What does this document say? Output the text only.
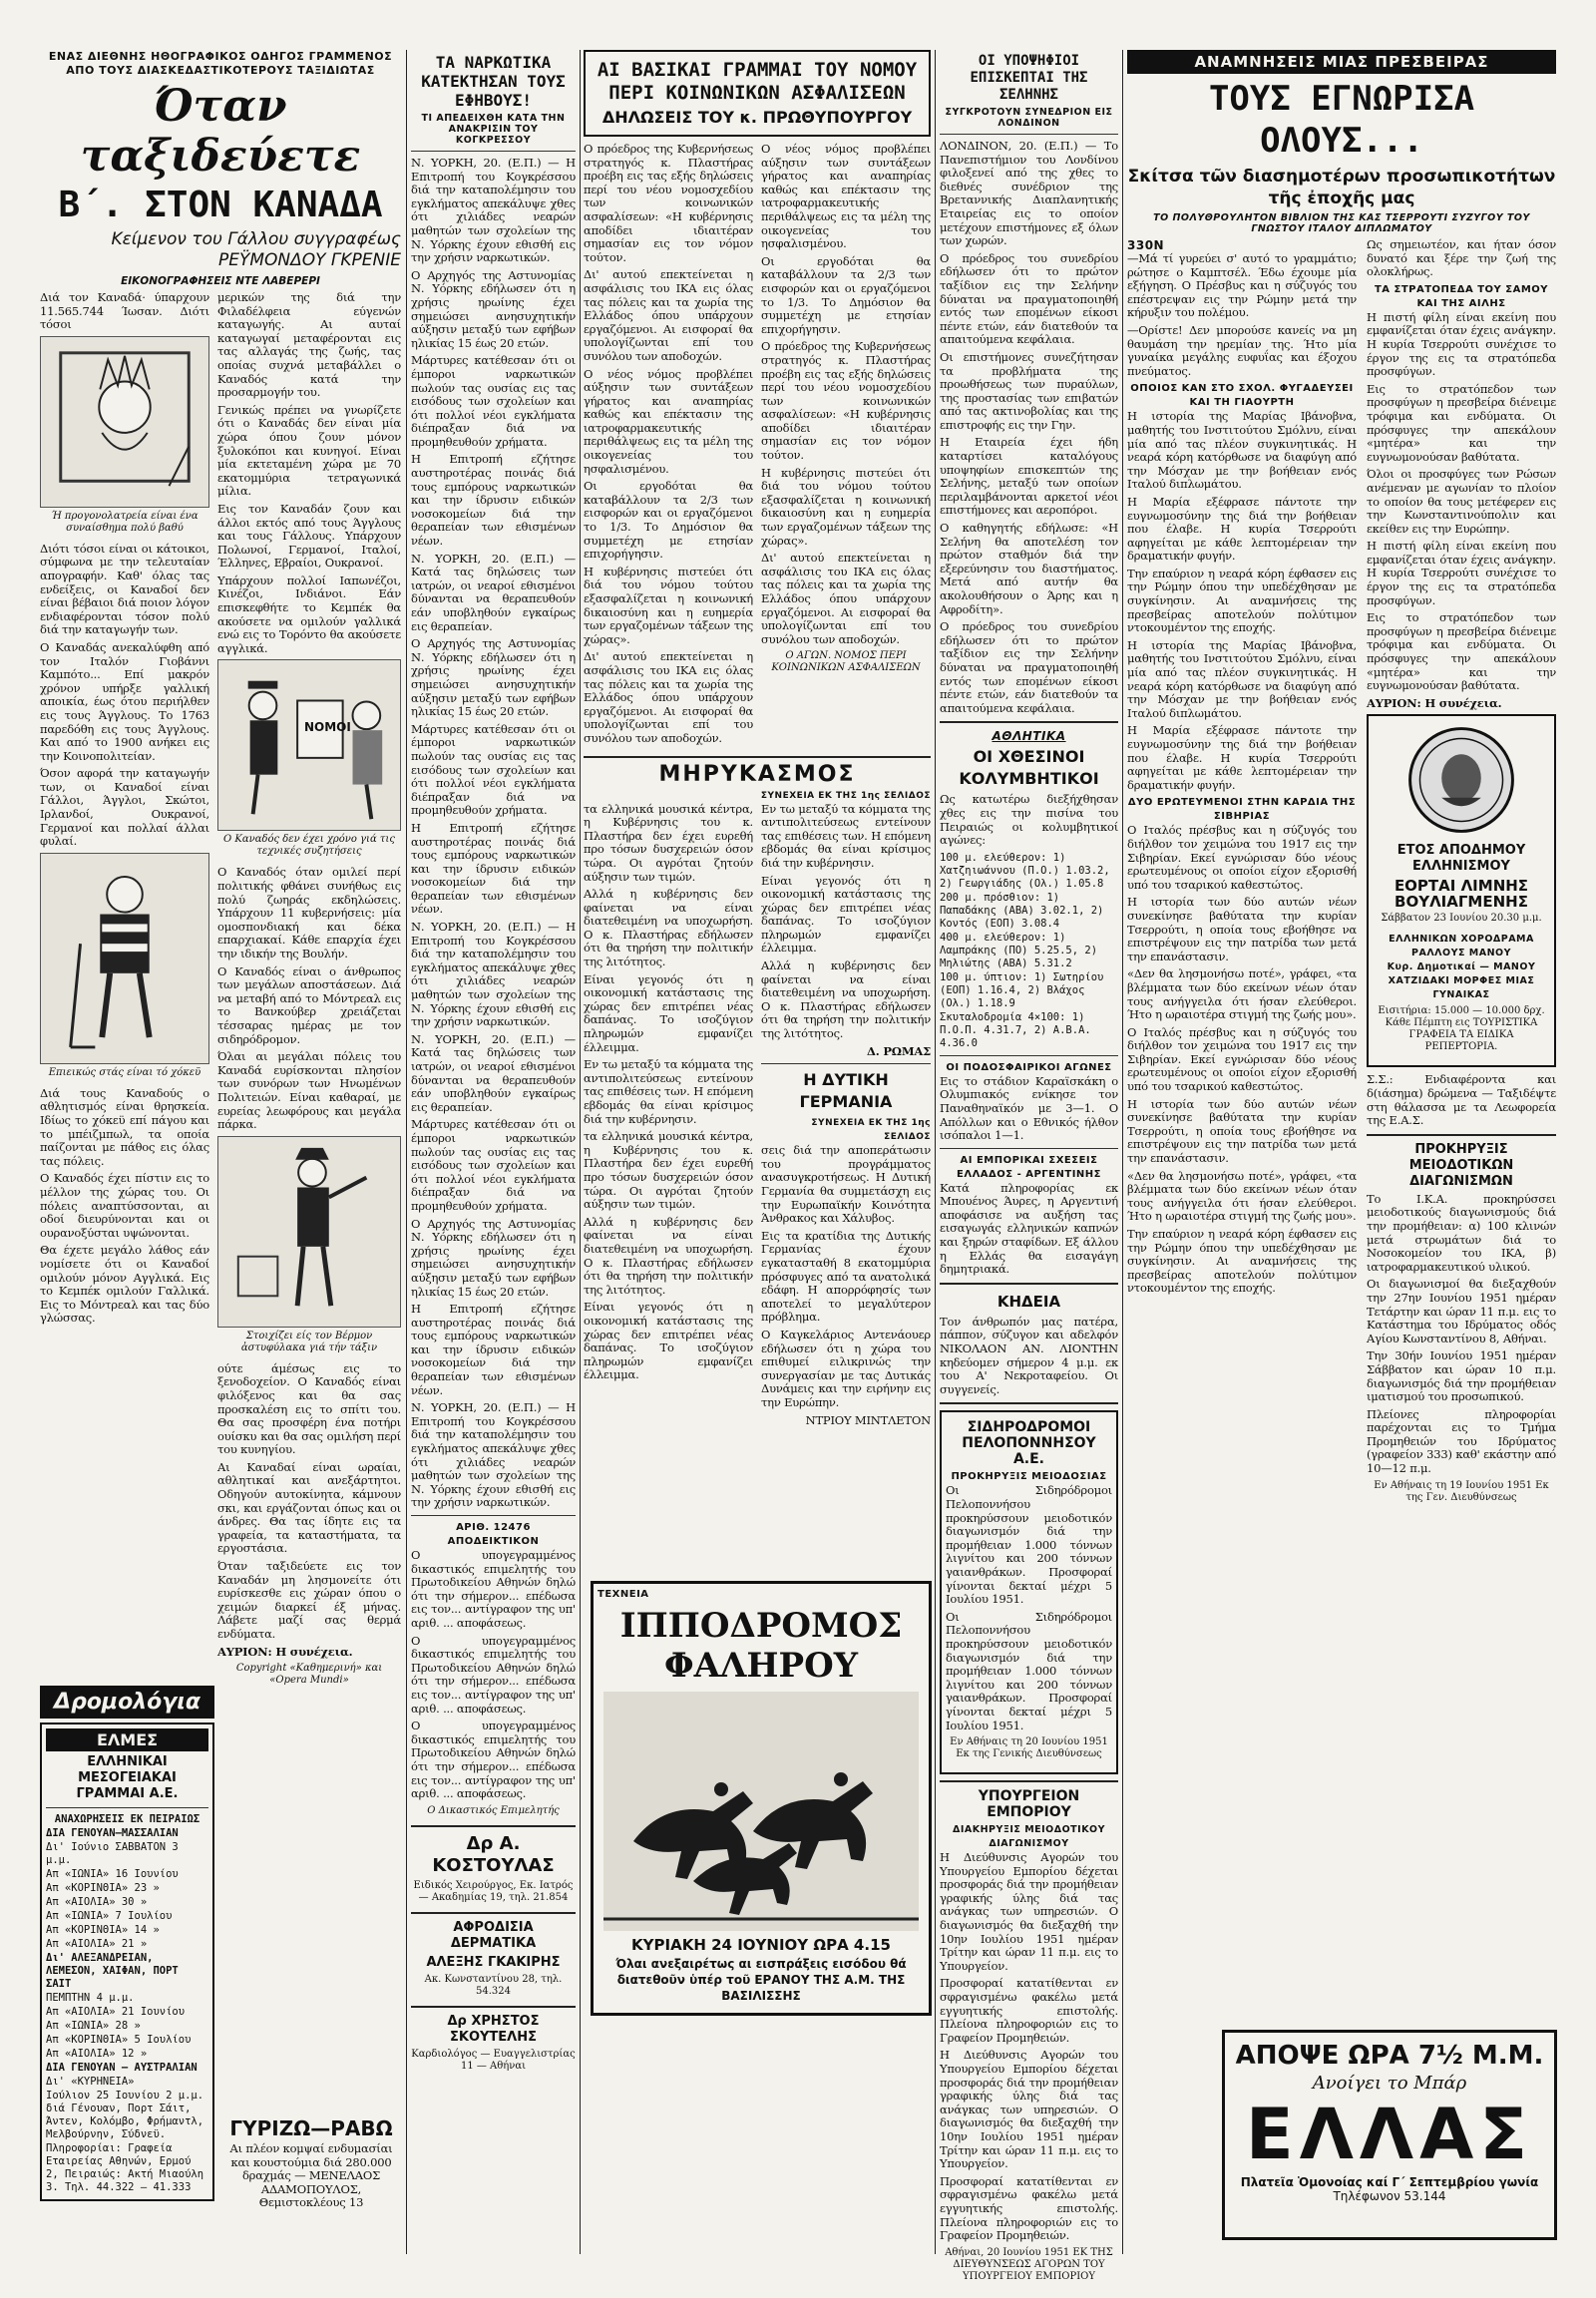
ΕΝΑΣ ΔΙΕΘΝΗΣ ΗΘΟΓΡΑΦΙΚΟΣ ΟΔΗΓΟΣ ΓΡΑΜΜΕΝΟΣ ΑΠΟ ΤΟΥΣ ΔΙΑΣΚΕΔΑΣΤΙΚΟΤΕΡΟΥΣ ΤΑΞΙΔΙΩΤΑΣ

Όταν ταξιδεύετε
Β΄. ΣΤΟΝ ΚΑΝΑΔΑ

Κείμενον του Γάλλου συγγραφέως ΡΕΫΜΟΝΔΟΥ ΓΚΡΕΝΙΕ

ΕΙΚΟΝΟΓΡΑΦΗΣΕΙΣ ΝΤΕ ΛΑΒΕΡΕΡΙ

Διά τον Καναδά· ύπαρχουν 11.565.744 Ίωσαν. Διότι τόσοι

Ή προγονολατρεία είναι ένα συναίσθημα πολύ βαθύ

Διότι τόσοι είναι οι κάτοικοι, σύμφωνα με την τελευταίαν απογραφήν. Καθ' όλας τας ενδείξεις, οι Καναδοί δεν είναι βέβαιοι διά ποιον λόγον ενδιαφέρονται τόσον πολύ διά την καταγωγήν των.

Ο Καναδάς ανεκαλύφθη από τον Ιταλόν Γιοβάννι Καμπότο... Επί μακρόν χρόνον υπήρξε γαλλική αποικία, έως ότου περιήλθεν εις τους Άγγλους. Το 1763 παρεδόθη εις τους Άγγλους. Και από το 1900 ανήκει εις την Κοινοπολιτείαν.

Όσον αφορά την καταγωγήν των, οι Καναδοί είναι Γάλλοι, Άγγλοι, Σκώτοι, Ιρλανδοί, Ουκρανοί, Γερμανοί και πολλαί άλλαι φυλαί.

Επιεικώς στάς είναι τό χόκεϋ

Διά τους Καναδούς ο αθλητισμός είναι θρησκεία. Ιδίως το χόκεϋ επί πάγου και το μπέιζμπωλ, τα οποία παίζονται με πάθος εις όλας τας πόλεις.

Ο Καναδός έχει πίστιν εις το μέλλον της χώρας του. Οι πόλεις αναπτύσσονται, αι οδοί διευρύνονται και οι ουρανοξύσται υψώνονται.

Θα έχετε μεγάλο λάθος εάν νομίσετε ότι οι Καναδοί ομιλούν μόνον Αγγλικά. Εις το Κεμπέκ ομιλούν Γαλλικά. Εις το Μόντρεαλ και τας δύο γλώσσας.

μερικών της διά την Φιλαδέλφεια εύγενών καταγωγής. Αι αυταί καταγωγαί μεταφέρονται εις τας αλλαγάς της ζωής, τας οποίας συχνά μεταβάλλει ο Καναδός κατά την προσαρμογήν του.

Γενικώς πρέπει να γνωρίζετε ότι ο Καναδάς δεν είναι μία χώρα όπου ζουν μόνον ξυλοκόποι και κυνηγοί. Είναι μία εκτεταμένη χώρα με 70 εκατομμύρια τετραγωνικά μίλια.

Εις τον Καναδάν ζουν και άλλοι εκτός από τους Άγγλους και τους Γάλλους. Υπάρχουν Πολωνοί, Γερμανοί, Ιταλοί, Έλληνες, Εβραίοι, Ουκρανοί.

Υπάρχουν πολλοί Ιαπωνέζοι, Κινέζοι, Ινδιάνοι. Εάν επισκεφθήτε το Κεμπέκ θα ακούσετε να ομιλούν γαλλικά ενώ εις το Τορόντο θα ακούσετε αγγλικά.

ΝΟΜΟΙ

Ο Καναδός δεν έχει χρόνο γιά τις τεχνικές συζητήσεις

Ο Καναδός όταν ομιλεί περί πολιτικής φθάνει συνήθως εις πολύ ζωηράς εκδηλώσεις. Υπάρχουν 11 κυβερνήσεις: μία ομοσπονδιακή και δέκα επαρχιακαί. Κάθε επαρχία έχει την ιδικήν της Βουλήν.

Ο Καναδός είναι ο άνθρωπος των μεγάλων αποστάσεων. Διά να μεταβή από το Μόντρεαλ εις το Βανκούβερ χρειάζεται τέσσαρας ημέρας με τον σιδηρόδρομον.

Όλαι αι μεγάλαι πόλεις του Καναδά ευρίσκονται πλησίον των συνόρων των Ηνωμένων Πολιτειών. Είναι καθαραί, με ευρείας λεωφόρους και μεγάλα πάρκα.

Στοιχίζει είς τον Βέρμον ἀστυφύλακα γιά τήν τάξιν

ούτε άμέσως εις το ξενοδοχείον. Ο Καναδός είναι φιλόξενος και θα σας προσκαλέση εις το σπίτι του. Θα σας προσφέρη ένα ποτήρι ουίσκυ και θα σας ομιλήση περί του κυνηγίου.

Αι Καναδαί είναι ωραίαι, αθλητικαί και ανεξάρτητοι. Οδηγούν αυτοκίνητα, κάμνουν σκι, και εργάζονται όπως και οι άνδρες. Θα τας ίδητε εις τα γραφεία, τα καταστήματα, τα εργοστάσια.

Όταν ταξιδεύετε εις τον Καναδάν μη λησμονείτε ότι ευρίσκεσθε εις χώραν όπου ο χειμών διαρκεί έξ μήνας. Λάβετε μαζί σας θερμά ενδύματα.

ΑΥΡΙΟΝ: Η συνέχεια.

Copyright «Καθημερινή» και «Opera Mundi»

Δρομολόγια
ΕΛΜΕΣ

ΕΛΛΗΝΙΚΑΙ ΜΕΣΟΓΕΙΑΚΑΙ ΓΡΑΜΜΑΙ Α.Ε.

ΑΝΑΧΩΡΗΣΕΙΣ ΕΚ ΠΕΙΡΑΙΩΣ

ΔΙΑ ΓΕΝΟΥΑΝ—ΜΑΣΣΑΛΙΑΝ

Δι' Ιούνιο ΣΑΒΒΑΤΟΝ 3 μ.μ.

Απ «ΙΩΝΙΑ» 16 Ιουνίου

Απ «ΚΟΡΙΝΘΙΑ» 23 »

Απ «ΑΙΟΛΙΑ» 30 »

Απ «ΙΩΝΙΑ» 7 Ιουλίου

Απ «ΚΟΡΙΝΘΙΑ» 14 »

Απ «ΑΙΟΛΙΑ» 21 »

Δι' ΑΛΕΞΑΝΔΡΕΙΑΝ, ΛΕΜΕΣΟΝ, ΧΑΙΦΑΝ, ΠΟΡΤ ΣΑΙΤ

ΠΕΜΠΤΗΝ 4 μ.μ.

Απ «ΑΙΟΛΙΑ» 21 Ιουνίου

Απ «ΙΩΝΙΑ» 28 »

Απ «ΚΟΡΙΝΘΙΑ» 5 Ιουλίου

Απ «ΑΙΟΛΙΑ» 12 »

ΔΙΑ ΓΕΝΟΥΑΝ — ΑΥΣΤΡΑΛΙΑΝ

Δι' «ΚΥΡΗΝΕΙΑ»

Ιούλιον 25 Ιουνίου 2 μ.μ. διά Γένουαν, Πορτ Σάιτ, Άντεν, Κολόμβο, Φρήμαντλ, Μελβούρνην, Σύδνεϋ.

Πληροφορίαι: Γραφεία Εταιρείας Αθηνών, Ερμού 2, Πειραιώς: Ακτή Μιαούλη 3. Τηλ. 44.322 — 41.333

ΓΥΡΙΖΩ—ΡΑΒΩ

Αι πλέον κομψαί ενδυμασίαι και κουστούμια διά 280.000 δραχμάς — ΜΕΝΕΛΑΟΣ ΑΔΑΜΟΠΟΥΛΟΣ, Θεμιστοκλέους 13

ΤΑ ΝΑΡΚΩΤΙΚΑ ΚΑΤΕΚΤΗΣΑΝ ΤΟΥΣ ΕΦΗΒΟΥΣ!

ΤΙ ΑΠΕΔΕΙΧΘΗ ΚΑΤΑ ΤΗΝ ΑΝΑΚΡΙΣΙΝ ΤΟΥ ΚΟΓΚΡΕΣΣΟΥ

Ν. ΥΟΡΚΗ, 20. (Ε.Π.) — Η Επιτροπή του Κογκρέσσου διά την καταπολέμησιν του εγκλήματος απεκάλυψε χθες ότι χιλιάδες νεαρών μαθητών των σχολείων της Ν. Υόρκης έχουν εθισθή εις την χρήσιν ναρκωτικών.

Ο Αρχηγός της Αστυνομίας Ν. Υόρκης εδήλωσεν ότι η χρήσις ηρωίνης έχει σημειώσει ανησυχητικήν αύξησιν μεταξύ των εφήβων ηλικίας 15 έως 20 ετών.

Μάρτυρες κατέθεσαν ότι οι έμποροι ναρκωτικών πωλούν τας ουσίας εις τας εισόδους των σχολείων και ότι πολλοί νέοι εγκλήματα διέπραξαν διά να προμηθευθούν χρήματα.

Η Επιτροπή εζήτησε αυστηροτέρας ποινάς διά τους εμπόρους ναρκωτικών και την ίδρυσιν ειδικών νοσοκομείων διά την θεραπείαν των εθισμένων νέων.

Ν. ΥΟΡΚΗ, 20. (Ε.Π.) — Κατά τας δηλώσεις των ιατρών, οι νεαροί εθισμένοι δύνανται να θεραπευθούν εάν υποβληθούν εγκαίρως εις θεραπείαν.

Ο Αρχηγός της Αστυνομίας Ν. Υόρκης εδήλωσεν ότι η χρήσις ηρωίνης έχει σημειώσει ανησυχητικήν αύξησιν μεταξύ των εφήβων ηλικίας 15 έως 20 ετών.

Μάρτυρες κατέθεσαν ότι οι έμποροι ναρκωτικών πωλούν τας ουσίας εις τας εισόδους των σχολείων και ότι πολλοί νέοι εγκλήματα διέπραξαν διά να προμηθευθούν χρήματα.

Η Επιτροπή εζήτησε αυστηροτέρας ποινάς διά τους εμπόρους ναρκωτικών και την ίδρυσιν ειδικών νοσοκομείων διά την θεραπείαν των εθισμένων νέων.

Ν. ΥΟΡΚΗ, 20. (Ε.Π.) — Η Επιτροπή του Κογκρέσσου διά την καταπολέμησιν του εγκλήματος απεκάλυψε χθες ότι χιλιάδες νεαρών μαθητών των σχολείων της Ν. Υόρκης έχουν εθισθή εις την χρήσιν ναρκωτικών.

Ν. ΥΟΡΚΗ, 20. (Ε.Π.) — Κατά τας δηλώσεις των ιατρών, οι νεαροί εθισμένοι δύνανται να θεραπευθούν εάν υποβληθούν εγκαίρως εις θεραπείαν.

Μάρτυρες κατέθεσαν ότι οι έμποροι ναρκωτικών πωλούν τας ουσίας εις τας εισόδους των σχολείων και ότι πολλοί νέοι εγκλήματα διέπραξαν διά να προμηθευθούν χρήματα.

Ο Αρχηγός της Αστυνομίας Ν. Υόρκης εδήλωσεν ότι η χρήσις ηρωίνης έχει σημειώσει ανησυχητικήν αύξησιν μεταξύ των εφήβων ηλικίας 15 έως 20 ετών.

Η Επιτροπή εζήτησε αυστηροτέρας ποινάς διά τους εμπόρους ναρκωτικών και την ίδρυσιν ειδικών νοσοκομείων διά την θεραπείαν των εθισμένων νέων.

Ν. ΥΟΡΚΗ, 20. (Ε.Π.) — Η Επιτροπή του Κογκρέσσου διά την καταπολέμησιν του εγκλήματος απεκάλυψε χθες ότι χιλιάδες νεαρών μαθητών των σχολείων της Ν. Υόρκης έχουν εθισθή εις την χρήσιν ναρκωτικών.

ΑΡΙΘ. 12476 ΑΠΟΔΕΙΚΤΙΚΟΝ

Ο υπογεγραμμένος δικαστικός επιμελητής του Πρωτοδικείου Αθηνών δηλώ ότι την σήμερον... επέδωσα εις τον... αντίγραφον της υπ' αριθ. ... αποφάσεως.

Ο υπογεγραμμένος δικαστικός επιμελητής του Πρωτοδικείου Αθηνών δηλώ ότι την σήμερον... επέδωσα εις τον... αντίγραφον της υπ' αριθ. ... αποφάσεως.

Ο υπογεγραμμένος δικαστικός επιμελητής του Πρωτοδικείου Αθηνών δηλώ ότι την σήμερον... επέδωσα εις τον... αντίγραφον της υπ' αριθ. ... αποφάσεως.

Ο Δικαστικός Επιμελητής

Δρ Α. ΚΟΣΤΟΥΛΑΣ

Ειδικός Χειρούργος, Εκ. Ιατρός — Ακαδημίας 19, τηλ. 21.854

ΑΦΡΟΔΙΣΙΑ ΔΕΡΜΑΤΙΚΑ

ΑΛΕΞΗΣ ΓΚΑΚΙΡΗΣ

Ακ. Κωνσταντίνου 28, τηλ. 54.324

Δρ ΧΡΗΣΤΟΣ ΣΚΟΥΤΕΛΗΣ

Καρδιολόγος — Ευαγγελιστρίας 11 — Αθήναι

ΑΙ ΒΑΣΙΚΑΙ ΓΡΑΜΜΑΙ ΤΟΥ ΝΟΜΟΥ ΠΕΡΙ ΚΟΙΝΩΝΙΚΩΝ ΑΣΦΑΛΙΣΕΩΝ
ΔΗΛΩΣΕΙΣ ΤΟΥ κ. ΠΡΩΘΥΠΟΥΡΓΟΥ

Ο πρόεδρος της Κυβερνήσεως στρατηγός κ. Πλαστήρας προέβη εις τας εξής δηλώσεις περί του νέου νομοσχεδίου των κοινωνικών ασφαλίσεων: «Η κυβέρνησις αποδίδει ιδιαιτέραν σημασίαν εις τον νόμον τούτον.

Δι' αυτού επεκτείνεται η ασφάλισις του ΙΚΑ εις όλας τας πόλεις και τα χωρία της Ελλάδος όπου υπάρχουν εργαζόμενοι. Αι εισφοραί θα υπολογίζωνται επί του συνόλου των αποδοχών.

Ο νέος νόμος προβλέπει αύξησιν των συντάξεων γήρατος και αναπηρίας καθώς και επέκτασιν της ιατροφαρμακευτικής περιθάλψεως εις τα μέλη της οικογενείας του ησφαλισμένου.

Οι εργοδόται θα καταβάλλουν τα 2/3 των εισφορών και οι εργαζόμενοι το 1/3. Το Δημόσιον θα συμμετέχη με ετησίαν επιχορήγησιν.

Η κυβέρνησις πιστεύει ότι διά του νόμου τούτου εξασφαλίζεται η κοινωνική δικαιοσύνη και η ευημερία των εργαζομένων τάξεων της χώρας».

Δι' αυτού επεκτείνεται η ασφάλισις του ΙΚΑ εις όλας τας πόλεις και τα χωρία της Ελλάδος όπου υπάρχουν εργαζόμενοι. Αι εισφοραί θα υπολογίζωνται επί του συνόλου των αποδοχών.

Ο νέος νόμος προβλέπει αύξησιν των συντάξεων γήρατος και αναπηρίας καθώς και επέκτασιν της ιατροφαρμακευτικής περιθάλψεως εις τα μέλη της οικογενείας του ησφαλισμένου.

Οι εργοδόται θα καταβάλλουν τα 2/3 των εισφορών και οι εργαζόμενοι το 1/3. Το Δημόσιον θα συμμετέχη με ετησίαν επιχορήγησιν.

Ο πρόεδρος της Κυβερνήσεως στρατηγός κ. Πλαστήρας προέβη εις τας εξής δηλώσεις περί του νέου νομοσχεδίου των κοινωνικών ασφαλίσεων: «Η κυβέρνησις αποδίδει ιδιαιτέραν σημασίαν εις τον νόμον τούτον.

Η κυβέρνησις πιστεύει ότι διά του νόμου τούτου εξασφαλίζεται η κοινωνική δικαιοσύνη και η ευημερία των εργαζομένων τάξεων της χώρας».

Δι' αυτού επεκτείνεται η ασφάλισις του ΙΚΑ εις όλας τας πόλεις και τα χωρία της Ελλάδος όπου υπάρχουν εργαζόμενοι. Αι εισφοραί θα υπολογίζωνται επί του συνόλου των αποδοχών.

Ο ΑΓΩΝ. ΝΟΜΟΣ ΠΕΡΙ ΚΟΙΝΩΝΙΚΩΝ ΑΣΦΑΛΙΣΕΩΝ

ΜΗΡΥΚΑΣΜΟΣ

ΣΥΝΕΧΕΙΑ ΕΚ ΤΗΣ 1ης ΣΕΛΙΔΟΣ

τα ελληνικά μουσικά κέντρα, η Κυβέρνησις του κ. Πλαστήρα δεν έχει ευρεθή προ τόσων δυσχερειών όσον τώρα. Οι αγρόται ζητούν αύξησιν των τιμών.

Αλλά η κυβέρνησις δεν φαίνεται να είναι διατεθειμένη να υποχωρήση. Ο κ. Πλαστήρας εδήλωσεν ότι θα τηρήση την πολιτικήν της λιτότητος.

Είναι γεγονός ότι η οικονομική κατάστασις της χώρας δεν επιτρέπει νέας δαπάνας. Το ισοζύγιον πληρωμών εμφανίζει έλλειμμα.

Εν τω μεταξύ τα κόμματα της αντιπολιτεύσεως εντείνουν τας επιθέσεις των. Η επόμενη εβδομάς θα είναι κρίσιμος διά την κυβέρνησιν.

τα ελληνικά μουσικά κέντρα, η Κυβέρνησις του κ. Πλαστήρα δεν έχει ευρεθή προ τόσων δυσχερειών όσον τώρα. Οι αγρόται ζητούν αύξησιν των τιμών.

Αλλά η κυβέρνησις δεν φαίνεται να είναι διατεθειμένη να υποχωρήση. Ο κ. Πλαστήρας εδήλωσεν ότι θα τηρήση την πολιτικήν της λιτότητος.

Είναι γεγονός ότι η οικονομική κατάστασις της χώρας δεν επιτρέπει νέας δαπάνας. Το ισοζύγιον πληρωμών εμφανίζει έλλειμμα.

Εν τω μεταξύ τα κόμματα της αντιπολιτεύσεως εντείνουν τας επιθέσεις των. Η επόμενη εβδομάς θα είναι κρίσιμος διά την κυβέρνησιν.

Είναι γεγονός ότι η οικονομική κατάστασις της χώρας δεν επιτρέπει νέας δαπάνας. Το ισοζύγιον πληρωμών εμφανίζει έλλειμμα.

Αλλά η κυβέρνησις δεν φαίνεται να είναι διατεθειμένη να υποχωρήση. Ο κ. Πλαστήρας εδήλωσεν ότι θα τηρήση την πολιτικήν της λιτότητος.

Δ. ΡΩΜΑΣ

Η ΔΥΤΙΚΗ ΓΕΡΜΑΝΙΑ

ΣΥΝΕΧΕΙΑ ΕΚ ΤΗΣ 1ης ΣΕΛΙΔΟΣ

σεις διά την αποπεράτωσιν του προγράμματος ανασυγκροτήσεως. Η Δυτική Γερμανία θα συμμετάσχη εις την Ευρωπαϊκήν Κοινότητα Άνθρακος και Χάλυβος.

Εις τα κρατίδια της Δυτικής Γερμανίας έχουν εγκατασταθή 8 εκατομμύρια πρόσφυγες από τα ανατολικά εδάφη. Η απορρόφησίς των αποτελεί το μεγαλύτερον πρόβλημα.

Ο Καγκελάριος Αντενάουερ εδήλωσεν ότι η χώρα του επιθυμεί ειλικρινώς την συνεργασίαν με τας Δυτικάς Δυνάμεις και την ειρήνην εις την Ευρώπην.

ΝΤΡΙΟΥ ΜΙΝΤΛΕΤΟΝ

ΤΕΧΝΕΙΑ

ΙΠΠΟΔΡΟΜΟΣ ΦΑΛΗΡΟΥ

ΚΥΡΙΑΚΗ 24 ΙΟΥΝΙΟΥ ΩΡΑ 4.15

Όλαι ανεξαιρέτως αι εισπράξεις εισόδου θά διατεθοῦν ὑπέρ τοῦ ΕΡΑΝΟΥ ΤΗΣ Α.Μ. ΤΗΣ ΒΑΣΙΛΙΣΣΗΣ

ΟΙ ΥΠΟΨΗΦΙΟΙ ΕΠΙΣΚΕΠΤΑΙ ΤΗΣ ΣΕΛΗΝΗΣ

ΣΥΓΚΡΟΤΟΥΝ ΣΥΝΕΔΡΙΟΝ ΕΙΣ ΛΟΝΔΙΝΟΝ

ΛΟΝΔΙΝΟΝ, 20. (Ε.Π.) — Το Πανεπιστήμιον του Λονδίνου φιλοξενεί από της χθες το διεθνές συνέδριον της Βρεταννικής Διαπλανητικής Εταιρείας εις το οποίον μετέχουν επιστήμονες εξ όλων των χωρών.

Ο πρόεδρος του συνεδρίου εδήλωσεν ότι το πρώτον ταξίδιον εις την Σελήνην δύναται να πραγματοποιηθή εντός των επομένων είκοσι πέντε ετών, εάν διατεθούν τα απαιτούμενα κεφάλαια.

Οι επιστήμονες συνεζήτησαν τα προβλήματα της προωθήσεως των πυραύλων, της προστασίας των επιβατών από τας ακτινοβολίας και της επιστροφής εις την Γην.

Η Εταιρεία έχει ήδη καταρτίσει καταλόγους υποψηφίων επισκεπτών της Σελήνης, μεταξύ των οποίων περιλαμβάνονται αρκετοί νέοι επιστήμονες και αεροπόροι.

Ο καθηγητής εδήλωσε: «Η Σελήνη θα αποτελέση τον πρώτον σταθμόν διά την εξερεύνησιν του διαστήματος. Μετά από αυτήν θα ακολουθήσουν ο Άρης και η Αφροδίτη».

Ο πρόεδρος του συνεδρίου εδήλωσεν ότι το πρώτον ταξίδιον εις την Σελήνην δύναται να πραγματοποιηθή εντός των επομένων είκοσι πέντε ετών, εάν διατεθούν τα απαιτούμενα κεφάλαια.

ΑΘΛΗΤΙΚΑ

ΟΙ ΧΘΕΣΙΝΟΙ ΚΟΛΥΜΒΗΤΙΚΟΙ

Ως κατωτέρω διεξήχθησαν χθες εις την πισίνα του Πειραιώς οι κολυμβητικοί αγώνες:

100 μ. ελεύθερον: 1) Χατζηιωάννου (Π.Ο.) 1.03.2, 2) Γεωργιάδης (Ολ.) 1.05.8

200 μ. πρόσθιον: 1) Παπαδάκης (ΑΒΑ) 3.02.1, 2) Κοντός (ΕΟΠ) 3.08.4

400 μ. ελεύθερον: 1) Λαμπράκης (ΠΟ) 5.25.5, 2) Μηλιώτης (ΑΒΑ) 5.31.2

100 μ. ύπτιον: 1) Σωτηρίου (ΕΟΠ) 1.16.4, 2) Βλάχος (Ολ.) 1.18.9

Σκυταλοδρομία 4×100: 1) Π.Ο.Π. 4.31.7, 2) Α.Β.Α. 4.36.0

ΟΙ ΠΟΔΟΣΦΑΙΡΙΚΟΙ ΑΓΩΝΕΣ

Εις το στάδιον Καραϊσκάκη ο Ολυμπιακός ενίκησε τον Παναθηναϊκόν με 3—1. Ο Απόλλων και ο Εθνικός ήλθον ισόπαλοι 1—1.

ΑΙ ΕΜΠΟΡΙΚΑΙ ΣΧΕΣΕΙΣ ΕΛΛΑΔΟΣ - ΑΡΓΕΝΤΙΝΗΣ

Κατά πληροφορίας εκ Μπουένος Άυρες, η Αργεντινή αποφάσισε να αυξήση τας εισαγωγάς ελληνικών καπνών και ξηρών σταφίδων. Εξ άλλου η Ελλάς θα εισαγάγη δημητριακά.

ΚΗΔΕΙΑ

Τον άνθρωπόν μας πατέρα, πάππον, σύζυγον και αδελφόν ΝΙΚΟΛΑΟΝ ΑΝ. ΛΙΟΝΤΗΝ κηδεύομεν σήμερον 4 μ.μ. εκ του Α' Νεκροταφείου. Οι συγγενείς.

ΣΙΔΗΡΟΔΡΟΜΟΙ ΠΕΛΟΠΟΝΝΗΣΟΥ Α.Ε.

ΠΡΟΚΗΡΥΞΙΣ ΜΕΙΟΔΟΣΙΑΣ

Οι Σιδηρόδρομοι Πελοποννήσου προκηρύσσουν μειοδοτικόν διαγωνισμόν διά την προμήθειαν 1.000 τόννων λιγνίτου και 200 τόννων γαιανθράκων. Προσφοραί γίνονται δεκταί μέχρι 5 Ιουλίου 1951.

Οι Σιδηρόδρομοι Πελοποννήσου προκηρύσσουν μειοδοτικόν διαγωνισμόν διά την προμήθειαν 1.000 τόννων λιγνίτου και 200 τόννων γαιανθράκων. Προσφοραί γίνονται δεκταί μέχρι 5 Ιουλίου 1951.

Εν Αθήναις τη 20 Ιουνίου 1951 Εκ της Γενικής Διευθύνσεως

ΥΠΟΥΡΓΕΙΟΝ ΕΜΠΟΡΙΟΥ

ΔΙΑΚΗΡΥΞΙΣ ΜΕΙΟΔΟΤΙΚΟΥ ΔΙΑΓΩΝΙΣΜΟΥ

Η Διεύθυνσις Αγορών του Υπουργείου Εμπορίου δέχεται προσφοράς διά την προμήθειαν γραφικής ύλης διά τας ανάγκας των υπηρεσιών. Ο διαγωνισμός θα διεξαχθή την 10ην Ιουλίου 1951 ημέραν Τρίτην και ώραν 11 π.μ. εις το Υπουργείον.

Προσφοραί κατατίθενται εν σφραγισμένω φακέλω μετά εγγυητικής επιστολής. Πλείονα πληροφοριών εις το Γραφείον Προμηθειών.

Η Διεύθυνσις Αγορών του Υπουργείου Εμπορίου δέχεται προσφοράς διά την προμήθειαν γραφικής ύλης διά τας ανάγκας των υπηρεσιών. Ο διαγωνισμός θα διεξαχθή την 10ην Ιουλίου 1951 ημέραν Τρίτην και ώραν 11 π.μ. εις το Υπουργείον.

Προσφοραί κατατίθενται εν σφραγισμένω φακέλω μετά εγγυητικής επιστολής. Πλείονα πληροφοριών εις το Γραφείον Προμηθειών.

Αθήναι, 20 Ιουνίου 1951 ΕΚ ΤΗΣ ΔΙΕΥΘΥΝΣΕΩΣ ΑΓΟΡΩΝ ΤΟΥ ΥΠΟΥΡΓΕΙΟΥ ΕΜΠΟΡΙΟΥ

ΑΝΑΜΝΗΣΕΙΣ ΜΙΑΣ ΠΡΕΣΒΕΙΡΑΣ
ΤΟΥΣ ΕΓΝΩΡΙΣΑ ΟΛΟΥΣ...

Σκίτσα τῶν διασημοτέρων προσωπικοτήτων τῆς ἐποχῆς μας

ΤΟ ΠΟΛΥΘΡΟΥΛΗΤΟΝ ΒΙΒΛΙΟΝ ΤΗΣ ΚΑΣ ΤΣΕΡΡΟΥΤΙ ΣΥΖΥΓΟΥ ΤΟΥ ΓΝΩΣΤΟΥ ΙΤΑΛΟΥ ΔΙΠΛΩΜΑΤΟΥ

330Ν

—Μά τί γυρεύει σ' αυτό το γραμμάτιο; ρώτησε ο Καμπτσέλ. Έδω έχουμε μία εξήγηση. Ο Πρέσβυς και η σύζυγός του επέστρεψαν εις την Ρώμην μετά την κήρυξιν του πολέμου.

—Ορίστε! Δεν μπορούσε κανείς να μη θαυμάση την ηρεμίαν της. Ήτο μία γυναίκα μεγάλης ευφυΐας και έξοχου πνεύματος.

ΟΠΟΙΟΣ ΚΑΝ ΣΤΟ ΣΧΟΛ. ΦΥΓΑΔΕΥΣΕΙ ΚΑΙ ΤΗ ΓΙΑΟΥΡΤΗ

Η ιστορία της Μαρίας Ιβάνοβνα, μαθητής του Ινστιτούτου Σμόλνυ, είναι μία από τας πλέον συγκινητικάς. Η νεαρά κόρη κατόρθωσε να διαφύγη από την Μόσχαν με την βοήθειαν ενός Ιταλού διπλωμάτου.

Η Μαρία εξέφρασε πάντοτε την ευγνωμοσύνην της διά την βοήθειαν που έλαβε. Η κυρία Τσερρούτι αφηγείται με κάθε λεπτομέρειαν την δραματικήν φυγήν.

Την επαύριον η νεαρά κόρη έφθασεν εις την Ρώμην όπου την υπεδέχθησαν με συγκίνησιν. Αι αναμνήσεις της πρεσβείρας αποτελούν πολύτιμον ντοκουμέντον της εποχής.

Η ιστορία της Μαρίας Ιβάνοβνα, μαθητής του Ινστιτούτου Σμόλνυ, είναι μία από τας πλέον συγκινητικάς. Η νεαρά κόρη κατόρθωσε να διαφύγη από την Μόσχαν με την βοήθειαν ενός Ιταλού διπλωμάτου.

Η Μαρία εξέφρασε πάντοτε την ευγνωμοσύνην της διά την βοήθειαν που έλαβε. Η κυρία Τσερρούτι αφηγείται με κάθε λεπτομέρειαν την δραματικήν φυγήν.

ΔΥΟ ΕΡΩΤΕΥΜΕΝΟΙ ΣΤΗΝ ΚΑΡΔΙΑ ΤΗΣ ΣΙΒΗΡΙΑΣ

Ο Ιταλός πρέσβυς και η σύζυγός του διήλθον τον χειμώνα του 1917 εις την Σιβηρίαν. Εκεί εγνώρισαν δύο νέους ερωτευμένους οι οποίοι είχον εξορισθή υπό του τσαρικού καθεστώτος.

Η ιστορία των δύο αυτών νέων συνεκίνησε βαθύτατα την κυρίαν Τσερρούτι, η οποία τους εβοήθησε να επιστρέψουν εις την πατρίδα των μετά την επανάστασιν.

«Δεν θα λησμονήσω ποτέ», γράφει, «τα βλέμματα των δύο εκείνων νέων όταν τους ανήγγειλα ότι ήσαν ελεύθεροι. Ήτο η ωραιοτέρα στιγμή της ζωής μου».

Ο Ιταλός πρέσβυς και η σύζυγός του διήλθον τον χειμώνα του 1917 εις την Σιβηρίαν. Εκεί εγνώρισαν δύο νέους ερωτευμένους οι οποίοι είχον εξορισθή υπό του τσαρικού καθεστώτος.

Η ιστορία των δύο αυτών νέων συνεκίνησε βαθύτατα την κυρίαν Τσερρούτι, η οποία τους εβοήθησε να επιστρέψουν εις την πατρίδα των μετά την επανάστασιν.

«Δεν θα λησμονήσω ποτέ», γράφει, «τα βλέμματα των δύο εκείνων νέων όταν τους ανήγγειλα ότι ήσαν ελεύθεροι. Ήτο η ωραιοτέρα στιγμή της ζωής μου».

Την επαύριον η νεαρά κόρη έφθασεν εις την Ρώμην όπου την υπεδέχθησαν με συγκίνησιν. Αι αναμνήσεις της πρεσβείρας αποτελούν πολύτιμον ντοκουμέντον της εποχής.

Ως σημειωτέον, και ήταν όσον δυνατό και ξέρε την ζωή της ολοκλήρως.

ΤΑ ΣΤΡΑΤΟΠΕΔΑ ΤΟΥ ΣΑΜΟΥ ΚΑΙ ΤΗΣ ΑΙΛΗΣ

Η πιστή φίλη είναι εκείνη που εμφανίζεται όταν έχεις ανάγκην. Η κυρία Τσερρούτι συνέχισε το έργον της εις τα στρατόπεδα προσφύγων.

Εις το στρατόπεδον των προσφύγων η πρεσβείρα διένειμε τρόφιμα και ενδύματα. Οι πρόσφυγες την απεκάλουν «μητέρα» και την ευγνωμονούσαν βαθύτατα.

Όλοι οι προσφύγες των Ρώσων ανέμεναν με αγωνίαν το πλοίον το οποίον θα τους μετέφερεν εις την Κωνσταντινούπολιν και εκείθεν εις την Ευρώπην.

Η πιστή φίλη είναι εκείνη που εμφανίζεται όταν έχεις ανάγκην. Η κυρία Τσερρούτι συνέχισε το έργον της εις τα στρατόπεδα προσφύγων.

Εις το στρατόπεδον των προσφύγων η πρεσβείρα διένειμε τρόφιμα και ενδύματα. Οι πρόσφυγες την απεκάλουν «μητέρα» και την ευγνωμονούσαν βαθύτατα.

ΑΥΡΙΟΝ: Η συνέχεια.

ΕΤΟΣ ΑΠΟΔΗΜΟΥ ΕΛΛΗΝΙΣΜΟΥ

ΕΟΡΤΑΙ ΛΙΜΝΗΣ ΒΟΥΛΙΑΓΜΕΝΗΣ

Σάββατον 23 Ιουνίου 20.30 μ.μ.

ΕΛΛΗΝΙΚΩΝ ΧΟΡΟΔΡΑΜΑ ΡΑΛΛΟΥΣ ΜΑΝΟΥ

Κυρ. Δημοτικαί — ΜΑΝΟΥ ΧΑΤΖΙΔΑΚΙ ΜΟΡΦΕΣ ΜΙΑΣ ΓΥΝΑΙΚΑΣ

Εισιτήρια: 15.000 — 10.000 δρχ. Κάθε Πέμπτη εις ΤΟΥΡΙΣΤΙΚΑ ΓΡΑΦΕΙΑ ΤΑ ΕΙΔΙΚΑ ΡΕΠΕΡΤΟΡΙΑ.

Σ.Σ.: Ενδιαφέροντα και δ(ιάσημα) δρώμενα — Ταξιδέψτε στη θάλασσα με τα Λεωφορεία της Ε.Α.Σ.

ΠΡΟΚΗΡΥΞΙΣ ΜΕΙΟΔΟΤΙΚΩΝ ΔΙΑΓΩΝΙΣΜΩΝ

Το Ι.Κ.Α. προκηρύσσει μειοδοτικούς διαγωνισμούς διά την προμήθειαν: α) 100 κλινών μετά στρωμάτων διά το Νοσοκομείον του ΙΚΑ, β) ιατροφαρμακευτικού υλικού.

Οι διαγωνισμοί θα διεξαχθούν την 27ην Ιουνίου 1951 ημέραν Τετάρτην και ώραν 11 π.μ. εις το Κατάστημα του Ιδρύματος οδός Αγίου Κωνσταντίνου 8, Αθήναι.

Την 30ήν Ιουνίου 1951 ημέραν Σάββατον και ώραν 10 π.μ. διαγωνισμός διά την προμήθειαν ιματισμού του προσωπικού.

Πλείονες πληροφορίαι παρέχονται εις το Τμήμα Προμηθειών του Ιδρύματος (γραφείον 333) καθ' εκάστην από 10—12 π.μ.

Εν Αθήναις τη 19 Ιουνίου 1951 Εκ της Γεν. Διευθύνσεως

ΑΠΟΨΕ ΩΡΑ 7½ Μ.Μ.

Ανοίγει το Μπάρ

ΕΛΛΑΣ

Πλατεῖα Ὁμονοίας καί Γ΄ Σεπτεμβρίου γωνία

Τηλέφωνον 53.144
